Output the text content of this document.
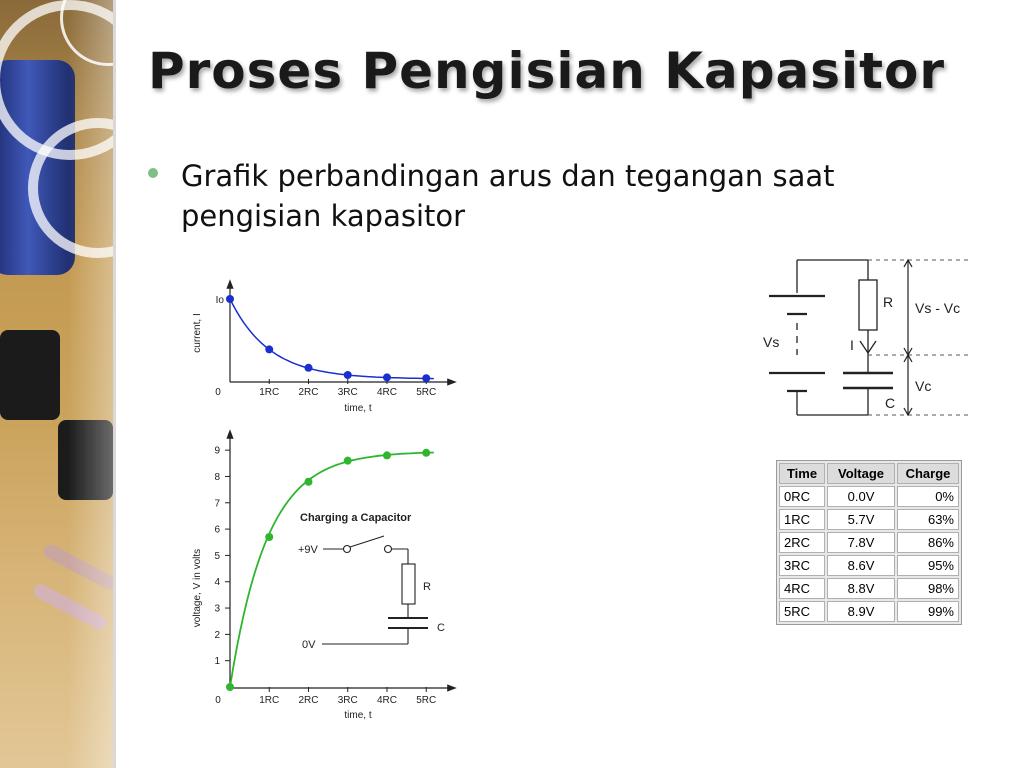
Proses Pengisian Kapasitor
Grafik perbandingan arus dan tegangan saat pengisian kapasitor
0	1RC 2RC 3RC 4RC 5RC
Io
current, I
time, t
0	1RC 2RC 3RC 4RC 5RC
1
2
3
4
5
6
7
8
9
voltage, V in volts
time, t
Charging a Capacitor
+9V
R
C
0V
Vs
R
I
C
Vs - Vc
Vc
Time	Voltage	Charge
0RC	0.0V	0%
1RC	5.7V	63%
2RC	7.8V	86%
3RC	8.6V	95%
4RC	8.8V	98%
5RC	8.9V	99%
